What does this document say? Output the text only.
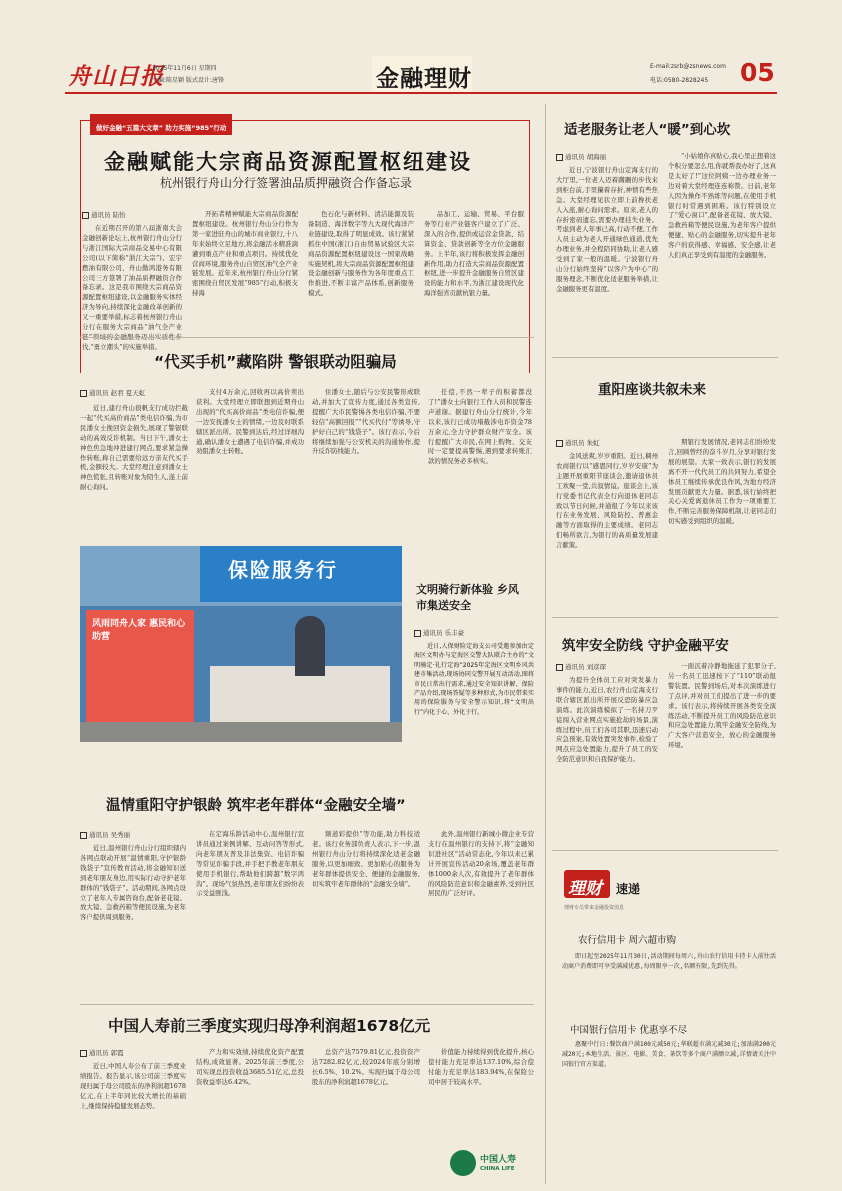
舟山日报
2025年11月6日 星期四
主编:陈星颖 版式设计:唐锋	金融理财	E-mail:zsrb@zsnews.com
电话:0580-2828245 05
做好金融“五篇大文章” 助力实施“985”行动
金融赋能大宗商品资源配置枢纽建设
杭州银行舟山分行签署油品质押融资合作备忘录
通讯员 陆怡

在近期召开的第八届浙南大会金融创新论坛上,杭州银行舟山分行与浙江国际大宗商品交易中心有限公司(以下简称“浙江大宗”)、宏宇燃油有限公司、舟山勤鸿港务有限公司三方签署了油品质押融资合作备忘录。这是我市围绕大宗商品资源配置枢纽建设,以金融服务实体经济为导向,持续深化金融改革创新的又一重要举措,标志着杭州银行舟山分行在服务大宗商品“油气全产业 伐,“勇立潮头”的实施举措。

开拓者精神赋能大宗商品资源配置枢纽建设。杭州银行舟山分行作为第一家进驻舟山的城市商业银行,十八年来始终立足地方,将金融活水精准滴灌到重点产业和重点项目。持续优化营商环境,服务舟山自贸区油气全产业链发展。近年来,杭州银行舟山分行紧密围绕自贸区发展“985”行动,积极支持海

色石化与新材料、清洁能源及装备制造、海洋数字等九大现代海洋产业链建设,取得了明显成效。该行紧紧抓住中国(浙江)自由贸易试验区大宗商品资源配置枢纽建设这一国家战略实施契机,将大宗商品资源配置枢纽建设金融创新与服务作为各年度重点工作推进,不断丰富产品体系,创新服务模式。

品加工、运输、贸易、平台服务等行业产业链客户建立了广泛、深入的合作,提供或运营金贷款、结算资金、贷款创新等全方位金融服务。上半年,该行将积极发挥金融创新作用,助力打造大宗商品资源配置枢纽,进一步提升金融服务自贸区建设的能力和水平,为浙江建设现代化海洋强省贡献杭银力量。

适老服务让老人“暖”到心坎
通讯员 胡海丽

近日,宁波银行舟山定海支行的大厅里,一位老人迈着蹒跚的步伐来到柜台前,手里攥着存折,神情有些焦急。大堂经理见状立即上前搀扶老人入座,耐心询问需求。原来,老人的存折密码遗忘,需要办理挂失业务。考虑到老人年事已高,行动不便,工作人员主动为老人开通绿色通道,优先办理业务,并全程陪同协助,让老人感受到了家一般的温暖。宁波银行舟山分行始终坚持“以客户为中心”的服务理念,不断优化适老服务举措,让金融服务更有温度。

“小姑娘你真贴心,我心里正想着这个积分要怎么用,你就帮我办好了,这真是太好了!”这位阿姨一边办理业务一边对着大堂经理连连称赞。日前,老年人因为操作不熟练等问题,在使用手机银行时常遇到困难。该行特别设立了“爱心窗口”,配备老花镜、放大镜、急救药箱等便民设施,为老年客户提供便捷、贴心的金融服务,切实提升老年客户的获得感、幸福感、安全感,让老人们真正享受到有温度的金融服务。

“代买手机”藏陷阱 警银联动阻骗局
通讯员 赵君 夏天虹

近日,建行舟山很帆支行成功拦截一起“代买高价商品”类电信诈骗,为市民潘女士挽回资金损失,展现了警银联动的高效反诈机制。当日下午,潘女士神色焦急地冲进建行网点,要求紧急操作转账,称自己需要给远方亲友代买手机,金额较大。大堂经理注意到潘女士神色慌张,且转账对象为陌生人,遂上前耐心询问。

支付4万余元,回收再以高价卖出获利。大堂经理立即联想到近期舟山出现的“代买高价商品”类电信诈骗,便一边安抚潘女士的情绪,一边及时联系辖区派出所。民警到达后,经过详细沟通,确认潘女士遭遇了电信诈骗,并成功劝阻潘女士转账。

住潘女士,随后与公安民警形成联动,并加大了宣传力度,通过各类宣传,提醒广大市民警惕各类电信诈骗,不要轻信“高额回报”“代买代付”等诱导,守护好自己的“钱袋子”。该行表示,今后将继续加强与公安机关的沟通协作,提升反诈防线能力。

任偿,不然一辈子的积蓄都没了!”潘女士向银行工作人员和民警连声道谢。据建行舟山分行统计,今年以来,该行已成功堵截涉电诈资金78万余元,全力守护群众财产安全。该行提醒广大市民,在网上购物、交友时一定要提高警惕,遇到要求转账汇款的情况务必多核实。

重阳座谈共叙未来
通讯员 朱虹

金风送爽,岁岁重阳。近日,稠州农商银行以“感恩同行,岁岁安康”为主题开展重阳节座谈会,邀请退休员工欢聚一堂,共叙情谊。座谈会上,该行党委书记代表全行向退休老同志致以节日问候,并通报了今年以来该行在业务发展、风险防控、普惠金融等方面取得的主要成绩。老同志们畅所欲言,为银行的高质量发展建言献策。

期银行发展情况,老同志们纷纷发言,回顾曾经的奋斗岁月,分享对银行发展的展望。大家一致表示,银行的发展离不开一代代员工的共同努力,希望全体员工继续传承优良作风,为地方经济发展贡献更大力量。据悉,该行始终把关心关爱离退休员工作为一项重要工作,不断完善服务保障机制,让老同志们切实感受到组织的温暖。

保险服务行
风雨同舟人家 惠民和心助营
文明骑行新体验 乡风市集送安全
通讯员 乐丰豪

近日,人保财险定海支公司受邀参加由定海区文明办与定海区交警大队联合主办的“文明骑定·礼行定海”2025年定海区文明乡风共建市集活动,现场协同交警开展互动活动,图将市民日常出行需求,通过安全知识讲解、保险产品介绍,现场答疑等多种形式,为市民带来实用的保险服务与安全警示知识,将“文明出行”内化于心、外化于行。

筑牢安全防线 守护金融平安
通讯员 刘彦琛

为提升全体员工应对突发暴力事件的能力,近日,农行舟山定海支行联合辖区派出所开展反恐防暴应急演练。此次演练模拟了一名持刀歹徒闯入营业网点实施抢劫的场景,演练过程中,员工们各司其职,迅速启动应急预案,有效处置突发事件,检验了网点应急处置能力,提升了员工的安全防范意识和自我保护能力。

一面沉着冷静地拖延了犯罪分子,另一名员工迅速按下了“110”联动报警装置。民警到场后,对本次演练进行了点评,并对员工们提出了进一步的要求。该行表示,将持续开展各类安全演练活动,不断提升员工的风险防范意识和应急处置能力,筑牢金融安全防线,为广大客户营造安全、放心的金融服务环境。

温情重阳守护银龄 筑牢老年群体“金融安全墙”
通讯员 吴秀丽

近日,温州银行舟山分行组织辖内各网点联动开展“温情重阳,守护银龄钱袋子”宣传教育活动,将金融知识送到老年朋友身边,用实际行动守护老年群体的“钱袋子”。活动期间,各网点设立了老年人专属咨询台,配备老花镜、放大镜、急救药箱等便民设施,为老年客户提供周到服务。

在定海乐龄活动中心,温州银行宣讲员通过案例讲解、互动问答等形式,向老年朋友普及非法集资、电信诈骗等常见诈骗手段,并手把手教老年朋友使用手机银行,帮助他们跨越“数字鸿沟”。现场气氛热烈,老年朋友们纷纷表示受益匪浅。

频道彩提供“等功能,助力科技适老。该行业务部负责人表示,下一步,温州银行舟山分行将持续深化适老金融服务,以更加细致、更加贴心的服务为老年群体提供安全、便捷的金融服务,切实筑牢老年群体的“金融安全墙”。

此外,温州银行新城小微企业专营支行在温州银行的支持下,将“金融知识进社区”活动常态化,今年以来已累计开展宣传活动20余场,覆盖老年群体1000余人次,有效提升了老年群体的风险防范意识和金融素养,受到社区居民的广泛好评。	理财 速递
理财专员带来金融投资消息
农行信用卡 周六超市购

即日起至2025年11月30日,活动期间每周六,舟山农行信用卡持卡人前往活动商户消费即可享受满减优惠,每周限享一次,名额有限,先到先得。

中国银行信用卡 优惠享不尽

惠聚中行日:餐饮商户满100元减50元;华联超市满元减30元;加油满200元减20元;本地生活、景区、电影、美食、茶饮等多个商户满额立减,详情请关注中国银行官方渠道。

中国人寿前三季度实现归母净利润超1678亿元
通讯员 郭霞

近日,中国人寿公布了前三季度业绩报告。报告显示,该公司前三季度实现归属于母公司股东的净利润超1678亿元,在上半年同比较大增长的基础上,继续保持稳健发展态势。

产力和实效绩,持续优化资产配置结构,成效显著。2025年前三季度,公司实现总投资收益3685.51亿元,总投资收益率达6.42%。

总资产达7579.81亿元,投资资产达7282.82亿元,较2024年底分别增长6.5%、10.2%。实现归属于母公司股东的净利润超1678亿元。

价值能力持续得到优化提升,核心偿付能力充足率达137.10%,综合偿付能力充足率达183.94%,在保险公司中居于较高水平。

中国人寿
CHINA LIFE
